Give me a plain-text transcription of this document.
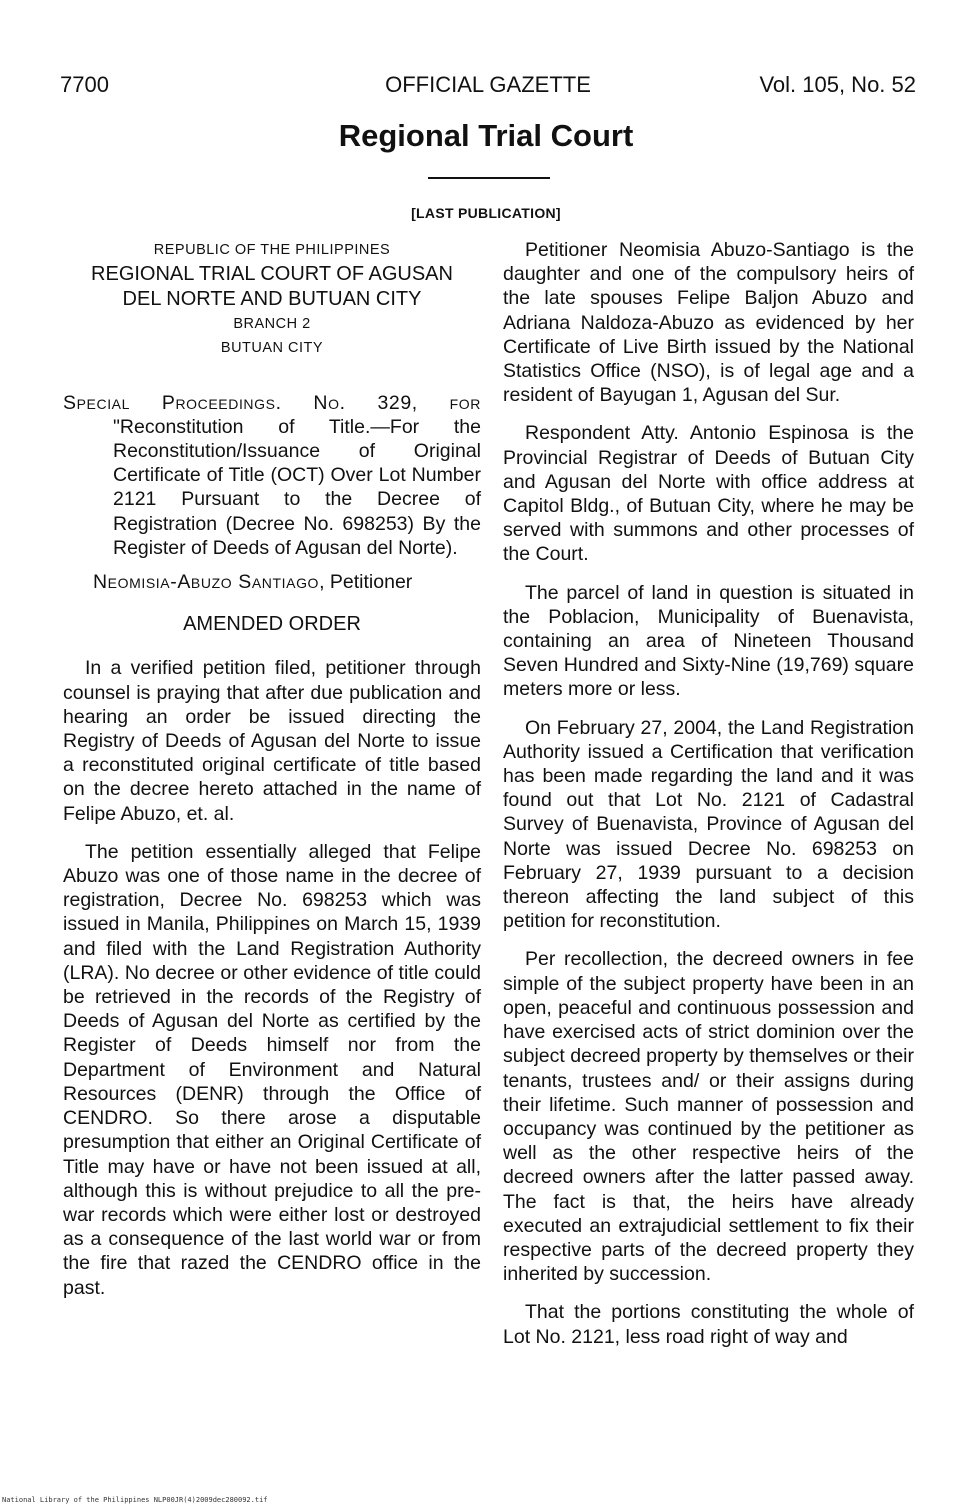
7700	OFFICIAL GAZETTE	Vol. 105, No. 52
Regional Trial Court
[LAST PUBLICATION]
REPUBLIC OF THE PHILIPPINES
REGIONAL TRIAL COURT OF AGUSAN
DEL NORTE AND BUTUAN CITY
BRANCH 2
BUTUAN CITY
Special Proceedings. No. 329, for "Reconstitution of Title.—For the Reconstitution/Issuance of Original Certificate of Title (OCT) Over Lot Number 2121 Pursuant to the Decree of Registration (Decree No. 698253) By the Register of Deeds of Agusan del Norte).
Neomisia-Abuzo Santiago, Petitioner
AMENDED ORDER

In a verified petition filed, petitioner through counsel is praying that after due publication and hearing an order be issued directing the Registry of Deeds of Agusan del Norte to issue a reconstituted original certificate of title based on the decree hereto attached in the name of Felipe Abuzo, et. al.

The petition essentially alleged that Felipe Abuzo was one of those name in the decree of registration, Decree No. 698253 which was issued in Manila, Philippines on March 15, 1939 and filed with the Land Registration Authority (LRA). No decree or other evidence of title could be retrieved in the records of the Registry of Deeds of Agusan del Norte as certified by the Register of Deeds himself nor from the Department of Environment and Natural Resources (DENR) through the Office of CENDRO. So there arose a disputable presumption that either an Original Certificate of Title may have or have not been issued at all, although this is without prejudice to all the pre-war records which were either lost or destroyed as a consequence of the last world war or from the fire that razed the CENDRO office in the past.

Petitioner Neomisia Abuzo-Santiago is the daughter and one of the compulsory heirs of the late spouses Felipe Baljon Abuzo and Adriana Naldoza-Abuzo as evidenced by her Certificate of Live Birth issued by the National Statistics Office (NSO), is of legal age and a resident of Bayugan 1, Agusan del Sur.

Respondent Atty. Antonio Espinosa is the Provincial Registrar of Deeds of Butuan City and Agusan del Norte with office address at Capitol Bldg., of Butuan City, where he may be served with summons and other processes of the Court.

The parcel of land in question is situated in the Poblacion, Municipality of Buenavista, containing an area of Nineteen Thousand Seven Hundred and Sixty-Nine (19,769) square meters more or less.

On February 27, 2004, the Land Registration Authority issued a Certification that verification has been made regarding the land and it was found out that Lot No. 2121 of Cadastral Survey of Buenavista, Province of Agusan del Norte was issued Decree No. 698253 on February 27, 1939 pursuant to a decision thereon affecting the land subject of this petition for reconstitution.

Per recollection, the decreed owners in fee simple of the subject property have been in an open, peaceful and continuous possession and have exercised acts of strict dominion over the subject decreed property by themselves or their tenants, trustees and/ or their assigns during their lifetime. Such manner of possession and occupancy was continued by the petitioner as well as the other respective heirs of the decreed owners after the latter passed away. The fact is that, the heirs have already executed an extrajudicial settlement to fix their respective parts of the decreed property they inherited by succession.

That the portions constituting the whole of Lot No. 2121, less road right of way and

National Library of the Philippines NLP00JR(4)2009dec280092.tif
